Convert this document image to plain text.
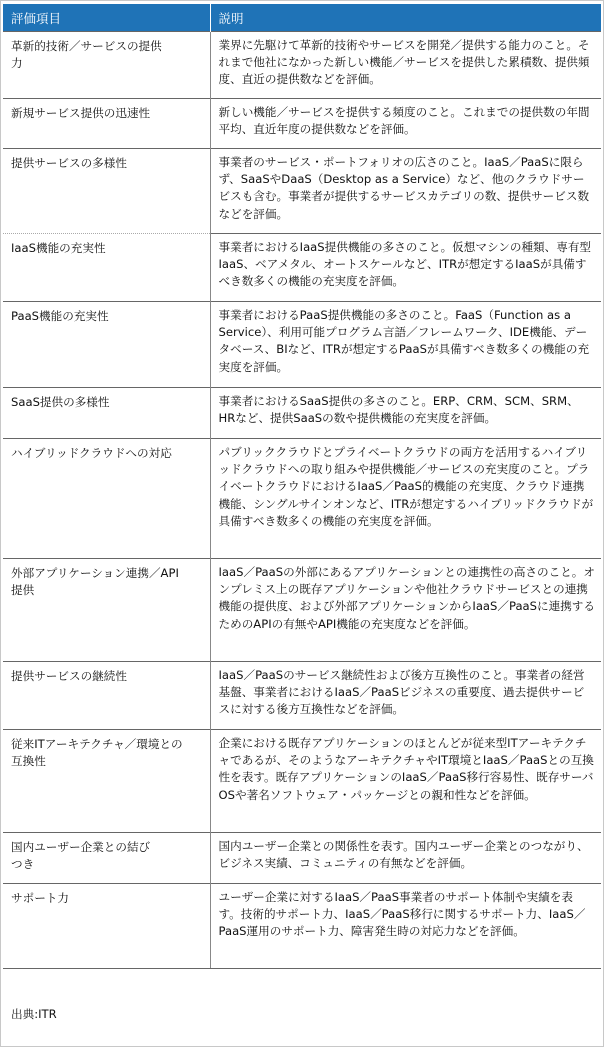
評価項目	説明
革新的技術／サービスの提供力	業界に先駆けて革新的技術やサービスを開発／提供する能力のこと。それまで他社になかった新しい機能／サービスを提供した累積数、提供頻度、直近の提供数などを評価。
新規サービス提供の迅速性	新しい機能／サービスを提供する頻度のこと。これまでの提供数の年間平均、直近年度の提供数などを評価。
提供サービスの多様性	事業者のサービス・ポートフォリオの広さのこと。IaaS／PaaSに限らず、SaaSやDaaS（Desktop as a Service）など、他のクラウドサービスも含む。事業者が提供するサービスカテゴリの数、提供サービス数などを評価。
IaaS機能の充実性	事業者におけるIaaS提供機能の多さのこと。仮想マシンの種類、専有型IaaS、ベアメタル、オートスケールなど、ITRが想定するIaaSが具備すべき数多くの機能の充実度を評価。
PaaS機能の充実性	事業者におけるPaaS提供機能の多さのこと。FaaS（Function as a Service）、利用可能プログラム言語／フレームワーク、IDE機能、データベース、BIなど、ITRが想定するPaaSが具備すべき数多くの機能の充実度を評価。
SaaS提供の多様性	事業者におけるSaaS提供の多さのこと。ERP、CRM、SCM、SRM、HRなど、提供SaaSの数や提供機能の充実度を評価。
ハイブリッドクラウドへの対応	パブリッククラウドとプライベートクラウドの両方を活用するハイブリッドクラウドへの取り組みや提供機能／サービスの充実度のこと。プライベートクラウドにおけるIaaS／PaaS的機能の充実度、クラウド連携機能、シングルサインオンなど、ITRが想定するハイブリッドクラウドが具備すべき数多くの機能の充実度を評価。
外部アプリケーション連携／API提供	IaaS／PaaSの外部にあるアプリケーションとの連携性の高さのこと。オンプレミス上の既存アプリケーションや他社クラウドサービスとの連携機能の提供度、および外部アプリケーションからIaaS／PaaSに連携するためのAPIの有無やAPI機能の充実度などを評価。
提供サービスの継続性	IaaS／PaaSのサービス継続性および後方互換性のこと。事業者の経営基盤、事業者におけるIaaS／PaaSビジネスの重要度、過去提供サービスに対する後方互換性などを評価。
従来ITアーキテクチャ／環境との互換性	企業における既存アプリケーションのほとんどが従来型ITアーキテクチャであるが、そのようなアーキテクチャやIT環境とIaaS／PaaSとの互換性を表す。既存アプリケーションのIaaS／PaaS移行容易性、既存サーバOSや著名ソフトウェア・パッケージとの親和性などを評価。
国内ユーザー企業との結びつき	国内ユーザー企業との関係性を表す。国内ユーザー企業とのつながり、ビジネス実績、コミュニティの有無などを評価。
サポート力	ユーザー企業に対するIaaS／PaaS事業者のサポート体制や実績を表す。技術的サポート力、IaaS／PaaS移行に関するサポート力、IaaS／PaaS運用のサポート力、障害発生時の対応力などを評価。
出典:ITR
